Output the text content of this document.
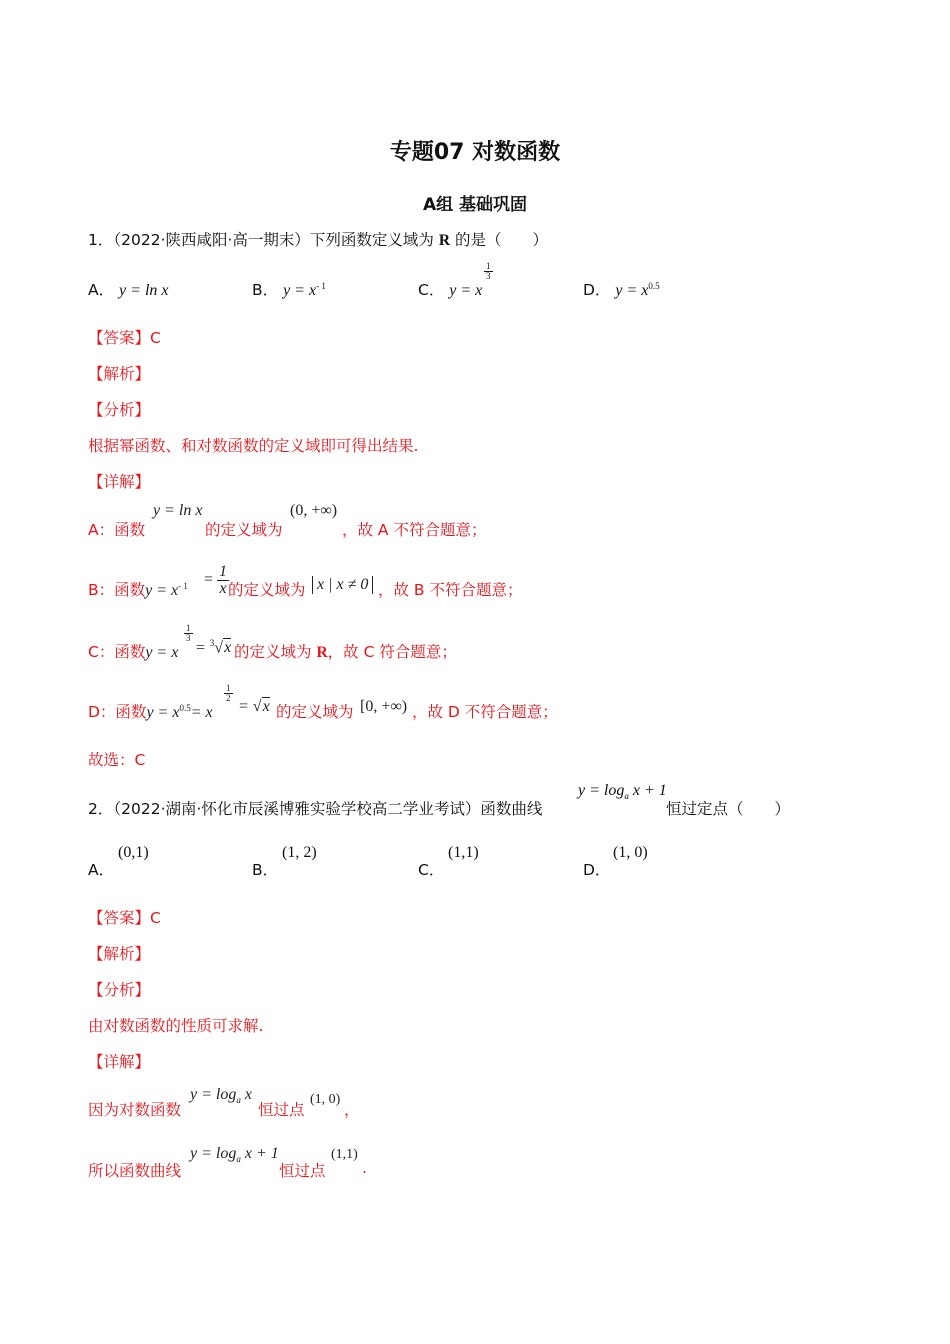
专题07 对数函数
A组 基础巩固
1．（2022·陕西咸阳·高一期末）下列函数定义域为 R 的是（　　）
A． y = ln x	B． $y = x^{- 1}$	C． y = x
$\frac{1}{3}$
D． $y = x^{0.5}$
【答案】C
【解析】
【分析】
根据幂函数、和对数函数的定义域即可得出结果.
【详解】
A：函数
y = ln x
的定义域为
(0, +∞)
，故 A 不符合题意；
B：函数$y = x^{- 1} = \frac{1}{x}$
的定义域为 x | x ≠ 0 ，故 B 不符合题意；
C：函数y = x
$\frac{1}{3}$
= $^3$√x 的定义域为 R，故 C 符合题意；
D：函数$y = x^{0.5}= x$
$\frac{1}{2}$
= √x 的定义域为 [0, +∞) ，故 D 不符合题意；
故选：C
2．（2022·湖南·怀化市辰溪博雅实验学校高二学业考试）函数曲线
$y = \log_a x + 1$
恒过定点（　　）
A．
(0,1)
B．
(1, 2)
C．
(1,1)
D．
(1, 0)
【答案】C
【解析】
【分析】
由对数函数的性质可求解.
【详解】
因为对数函数
$y = \log_a x$
恒过点
(1, 0)
，
所以函数曲线
$y = \log_a x + 1$
恒过点
(1,1)
.
